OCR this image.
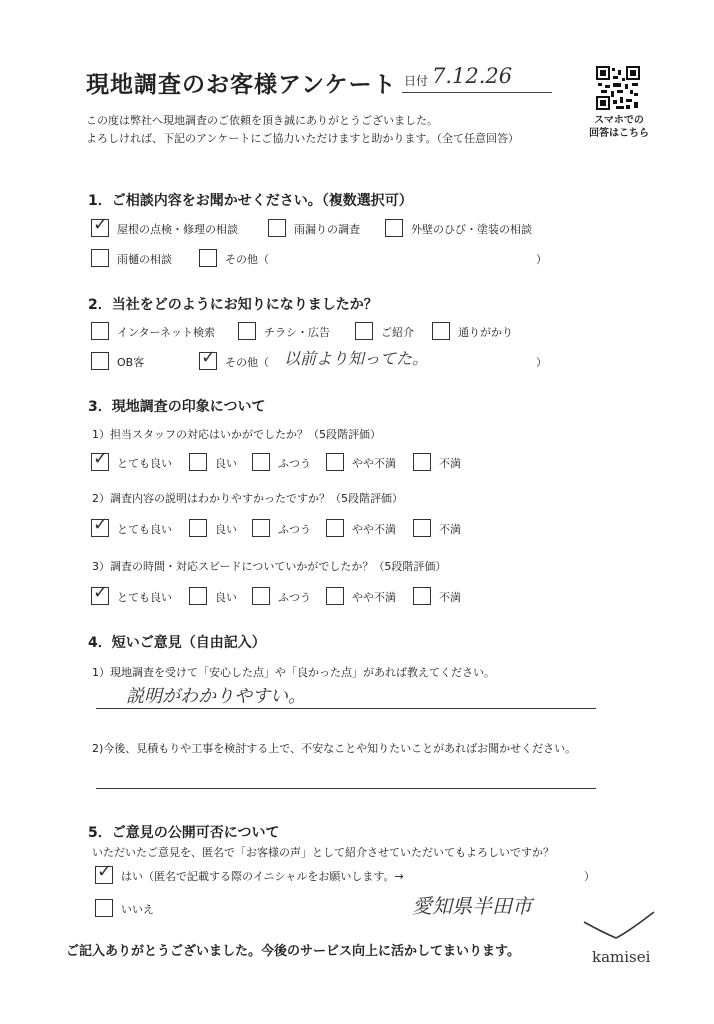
現地調査のお客様アンケート 日付 7.12.26
スマホでの
回答はこちら
この度は弊社へ現地調査のご依頼を頂き誠にありがとうございました。
よろしければ、下記のアンケートにご協力いただけますと助かります。（全て任意回答）
1．ご相談内容をお聞かせください。（複数選択可）
✓ 屋根の点検・修理の相談	雨漏りの調査	外壁のひび・塗装の相談
雨樋の相談	その他（	）
2．当社をどのようにお知りになりましたか？
インターネット検索	チラシ・広告	ご紹介	通りがかり
OB客	✓ その他（ 以前より知ってた。	）
3．現地調査の印象について
1）担当スタッフの対応はいかがでしたか？（5段階評価）
✓ とても良い	良い	ふつう	やや不満	不満
2）調査内容の説明はわかりやすかったですか？（5段階評価）
✓ とても良い	良い	ふつう	やや不満	不満
3）調査の時間・対応スピードについていかがでしたか？（5段階評価）
✓ とても良い	良い	ふつう	やや不満	不満
4．短いご意見（自由記入）
1）現地調査を受けて「安心した点」や「良かった点」があれば教えてください。
説明がわかりやすい。
2)今後、見積もりや工事を検討する上で、不安なことや知りたいことがあればお聞かせください。
5．ご意見の公開可否について
いただいたご意見を、匿名で「お客様の声」として紹介させていただいてもよろしいですか？
✓ はい（匿名で記載する際のイニシャルをお願いします。→	）
いいえ	愛知県半田市
ご記入ありがとうございました。今後のサービス向上に活かしてまいります。	kamisei
